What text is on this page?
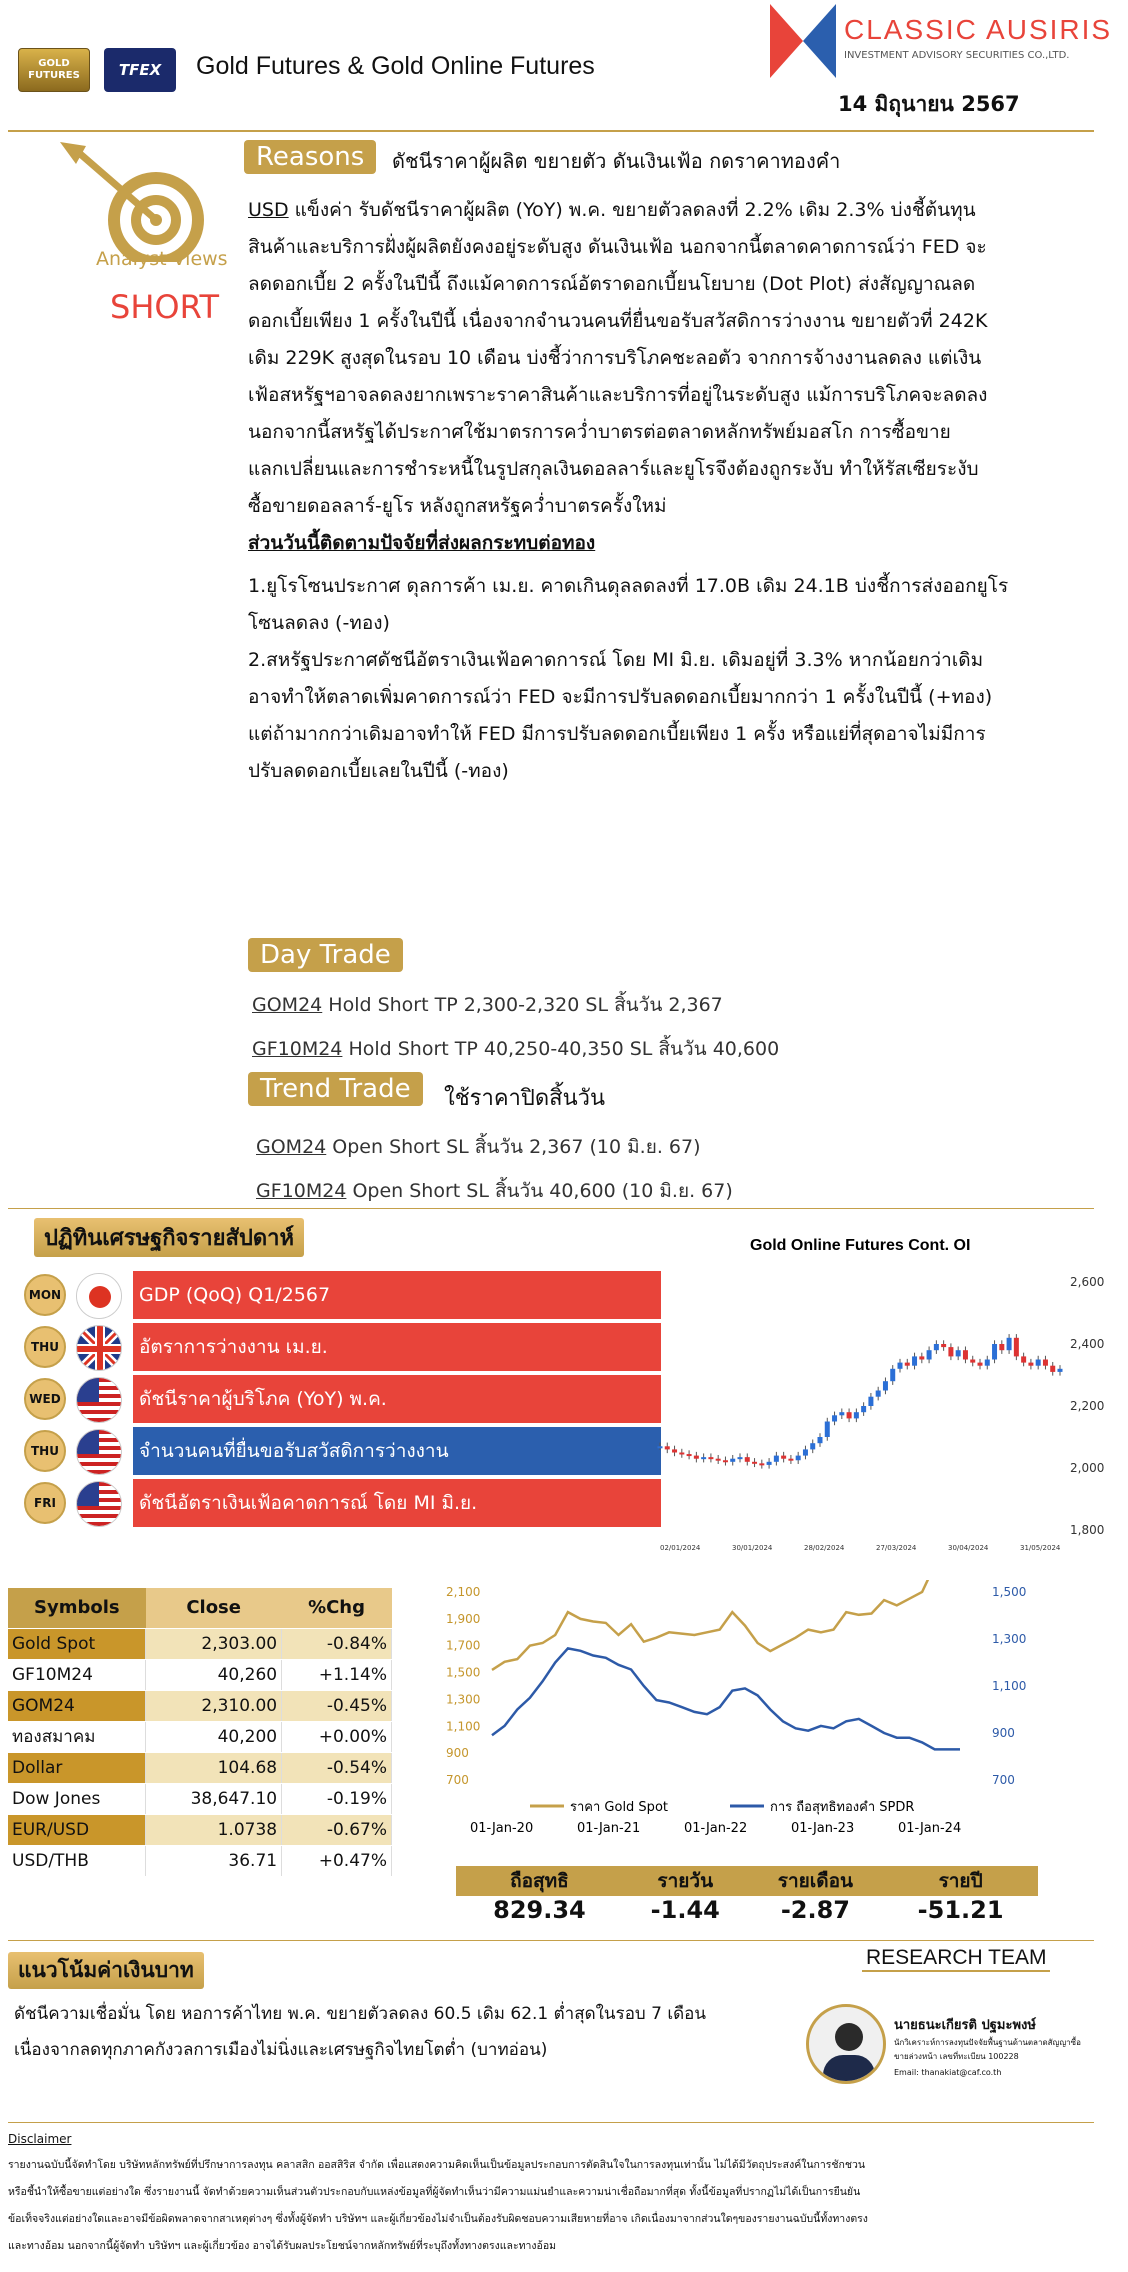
GOLD FUTURES	TFEX Gold Futures & Gold Online Futures
CLASSIC AUSIRIS
INVESTMENT ADVISORY SECURITIES CO.,LTD.
14 มิถุนายน 2567
Analyst Views
SHORT
Reasons	ดัชนีราคาผู้ผลิต ขยายตัว ดันเงินเฟ้อ กดราคาทองคำ
USD แข็งค่า รับดัชนีราคาผู้ผลิต (YoY) พ.ค. ขยายตัวลดลงที่ 2.2% เดิม 2.3% บ่งชี้ต้นทุน
สินค้าและบริการฝั่งผู้ผลิตยังคงอยู่ระดับสูง ดันเงินเฟ้อ นอกจากนี้ตลาดคาดการณ์ว่า FED จะ
ลดดอกเบี้ย 2 ครั้งในปีนี้ ถึงแม้คาดการณ์อัตราดอกเบี้ยนโยบาย (Dot Plot) ส่งสัญญาณลด
ดอกเบี้ยเพียง 1 ครั้งในปีนี้ เนื่องจากจำนวนคนที่ยื่นขอรับสวัสดิการว่างงาน ขยายตัวที่ 242K
เดิม 229K สูงสุดในรอบ 10 เดือน บ่งชี้ว่าการบริโภคชะลอตัว จากการจ้างงานลดลง แต่เงิน
เฟ้อสหรัฐฯอาจลดลงยากเพราะราคาสินค้าและบริการที่อยู่ในระดับสูง แม้การบริโภคจะลดลง
นอกจากนี้สหรัฐได้ประกาศใช้มาตรการคว่ำบาตรต่อตลาดหลักทรัพย์มอสโก การซื้อขาย
แลกเปลี่ยนและการชำระหนี้ในรูปสกุลเงินดอลลาร์และยูโรจึงต้องถูกระงับ ทำให้รัสเซียระงับ
ซื้อขายดอลลาร์-ยูโร หลังถูกสหรัฐคว่ำบาตรครั้งใหม่
ส่วนวันนี้ติดตามปัจจัยที่ส่งผลกระทบต่อทอง
1.ยูโรโซนประกาศ ดุลการค้า เม.ย. คาดเกินดุลลดลงที่ 17.0B เดิม 24.1B บ่งชี้การส่งออกยูโร
โซนลดลง (-ทอง)
2.สหรัฐประกาศดัชนีอัตราเงินเฟ้อคาดการณ์ โดย MI มิ.ย. เดิมอยู่ที่ 3.3% หากน้อยกว่าเดิม
อาจทำให้ตลาดเพิ่มคาดการณ์ว่า FED จะมีการปรับลดดอกเบี้ยมากกว่า 1 ครั้งในปีนี้ (+ทอง)
แต่ถ้ามากกว่าเดิมอาจทำให้ FED มีการปรับลดดอกเบี้ยเพียง 1 ครั้ง หรือแย่ที่สุดอาจไม่มีการ
ปรับลดดอกเบี้ยเลยในปีนี้ (-ทอง)
Day Trade
GOM24 Hold Short TP 2,300-2,320 SL สิ้นวัน 2,367
GF10M24 Hold Short TP 40,250-40,350 SL สิ้นวัน 40,600
Trend Trade	ใช้ราคาปิดสิ้นวัน
GOM24 Open Short SL สิ้นวัน 2,367 (10 มิ.ย. 67)
GF10M24 Open Short SL สิ้นวัน 40,600 (10 มิ.ย. 67)
ปฏิทินเศรษฐกิจรายสัปดาห์
MON	GDP (QoQ) Q1/2567
THU	อัตราการว่างงาน เม.ย.
WED	ดัชนีราคาผู้บริโภค (YoY) พ.ค.
THU	จำนวนคนที่ยื่นขอรับสวัสดิการว่างงาน
FRI	ดัชนีอัตราเงินเฟ้อคาดการณ์ โดย MI มิ.ย.
Gold Online Futures Cont. OI
2,600
2,400
2,200
2,000
1,800
02/01/2024	30/01/2024	28/02/2024	27/03/2024	30/04/2024	31/05/2024
Symbols	Close	%Chg
Gold Spot	2,303.00	-0.84%
GF10M24	40,260	+1.14%
GOM24	2,310.00	-0.45%
ทองสมาคม	40,200	+0.00%
Dollar	104.68	-0.54%
Dow Jones	38,647.10	-0.19%
EUR/USD	1.0738	-0.67%
USD/THB	36.71	+0.47%
2,100
1,900
1,700
1,500
1,300
1,100
900
700
1,500
1,300
1,100
900
700
01-Jan-20	01-Jan-21	01-Jan-22	01-Jan-23	01-Jan-24
ราคา Gold Spot	การ ถือสุทธิทองคำ SPDR
ถือสุทธิ	รายวัน	รายเดือน	รายปี
829.34	-1.44	-2.87	-51.21
แนวโน้มค่าเงินบาท
ดัชนีความเชื่อมั่น โดย หอการค้าไทย พ.ค. ขยายตัวลดลง 60.5 เดิม 62.1 ต่ำสุดในรอบ 7 เดือน
เนื่องจากลดทุกภาคกังวลการเมืองไม่นิ่งและเศรษฐกิจไทยโตต่ำ (บาทอ่อน)
RESEARCH TEAM
นายธนะเกียรติ ปฐมะพงษ์
นักวิเคราะห์การลงทุนปัจจัยพื้นฐานด้านตลาดสัญญาซื้อ
ขายล่วงหน้า เลขที่ทะเบียน 100228
Email: thanakiat@caf.co.th
Disclaimer
รายงานฉบับนี้จัดทำโดย บริษัทหลักทรัพย์ที่ปรึกษาการลงทุน คลาสสิก ออสสิริส จำกัด เพื่อแสดงความคิดเห็นเป็นข้อมูลประกอบการตัดสินใจในการลงทุนเท่านั้น ไม่ได้มีวัตถุประสงค์ในการชักชวน
หรือชี้นำให้ซื้อขายแต่อย่างใด ซึ่งรายงานนี้ จัดทำด้วยความเห็นส่วนตัวประกอบกับแหล่งข้อมูลที่ผู้จัดทำเห็นว่ามีความแม่นยำและความน่าเชื่อถือมากที่สุด ทั้งนี้ข้อมูลที่ปรากฏไม่ได้เป็นการยืนยัน
ข้อเท็จจริงแต่อย่างใดและอาจมีข้อผิดพลาดจากสาเหตุต่างๆ ซึ่งทั้งผู้จัดทำ บริษัทฯ และผู้เกี่ยวข้องไม่จำเป็นต้องรับผิดชอบความเสียหายที่อาจ เกิดเนื่องมาจากส่วนใดๆของรายงานฉบับนี้ทั้งทางตรง
และทางอ้อม นอกจากนี้ผู้จัดทำ บริษัทฯ และผู้เกี่ยวข้อง อาจได้รับผลประโยชน์จากหลักทรัพย์ที่ระบุถึงทั้งทางตรงและทางอ้อม
